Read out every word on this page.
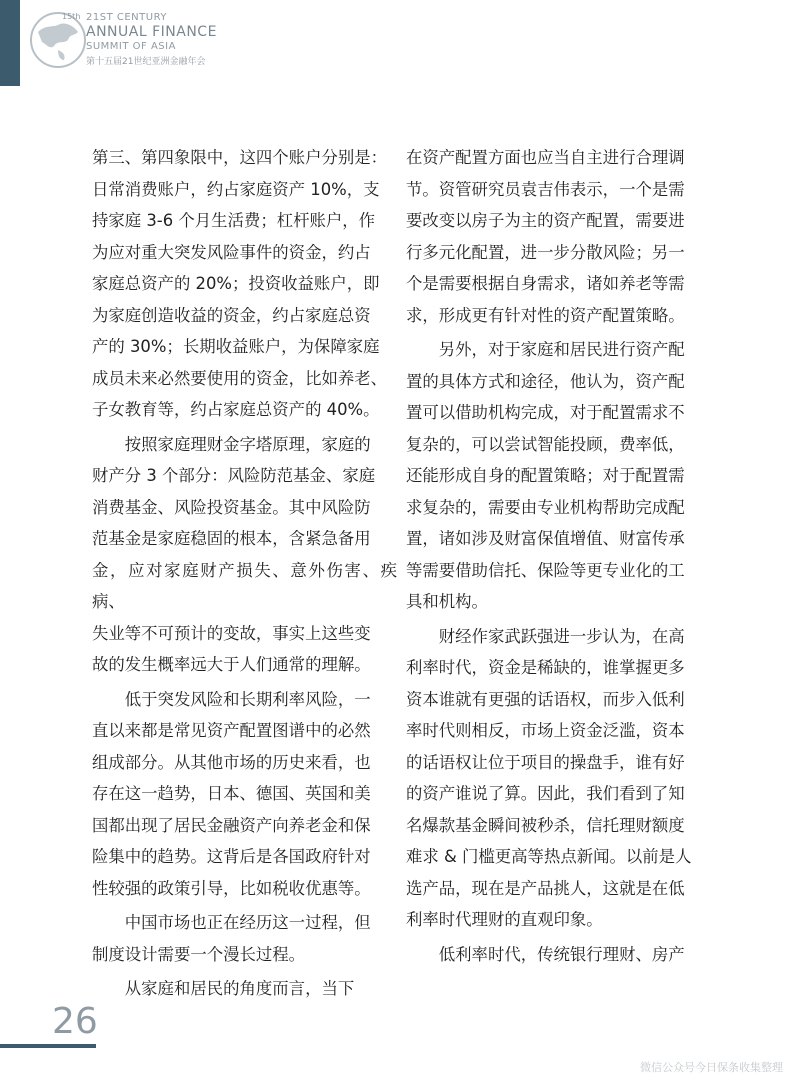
15th 21ST CENTURY
ANNUAL FINANCE
SUMMIT OF ASIA
第十五届21世纪亚洲金融年会

第三、第四象限中，这四个账户分别是：
日常消费账户，约占家庭资产 10%，支
持家庭 3-6 个月生活费；杠杆账户，作
为应对重大突发风险事件的资金，约占
家庭总资产的 20%；投资收益账户，即
为家庭创造收益的资金，约占家庭总资
产的 30%；长期收益账户，为保障家庭
成员未来必然要使用的资金，比如养老、
子女教育等，约占家庭总资产的 40%。

　　按照家庭理财金字塔原理，家庭的
财产分 3 个部分：风险防范基金、家庭
消费基金、风险投资基金。其中风险防
范基金是家庭稳固的根本，含紧急备用
金，应对家庭财产损失、意外伤害、疾病、
失业等不可预计的变故，事实上这些变
故的发生概率远大于人们通常的理解。

　　低于突发风险和长期利率风险，一
直以来都是常见资产配置图谱中的必然
组成部分。从其他市场的历史来看，也
存在这一趋势，日本、德国、英国和美
国都出现了居民金融资产向养老金和保
险集中的趋势。这背后是各国政府针对
性较强的政策引导，比如税收优惠等。

　　中国市场也正在经历这一过程，但
制度设计需要一个漫长过程。

　　从家庭和居民的角度而言，当下

在资产配置方面也应当自主进行合理调
节。资管研究员袁吉伟表示，一个是需
要改变以房子为主的资产配置，需要进
行多元化配置，进一步分散风险；另一
个是需要根据自身需求，诸如养老等需
求，形成更有针对性的资产配置策略。

　　另外，对于家庭和居民进行资产配
置的具体方式和途径，他认为，资产配
置可以借助机构完成，对于配置需求不
复杂的，可以尝试智能投顾，费率低，
还能形成自身的配置策略；对于配置需
求复杂的，需要由专业机构帮助完成配
置，诸如涉及财富保值增值、财富传承
等需要借助信托、保险等更专业化的工
具和机构。

　　财经作家武跃强进一步认为，在高
利率时代，资金是稀缺的，谁掌握更多
资本谁就有更强的话语权，而步入低利
率时代则相反，市场上资金泛滥，资本
的话语权让位于项目的操盘手，谁有好
的资产谁说了算。因此，我们看到了知
名爆款基金瞬间被秒杀，信托理财额度
难求 & 门槛更高等热点新闻。以前是人
选产品，现在是产品挑人，这就是在低
利率时代理财的直观印象。

　　低利率时代，传统银行理财、房产

26
微信公众号今日保条收集整理
